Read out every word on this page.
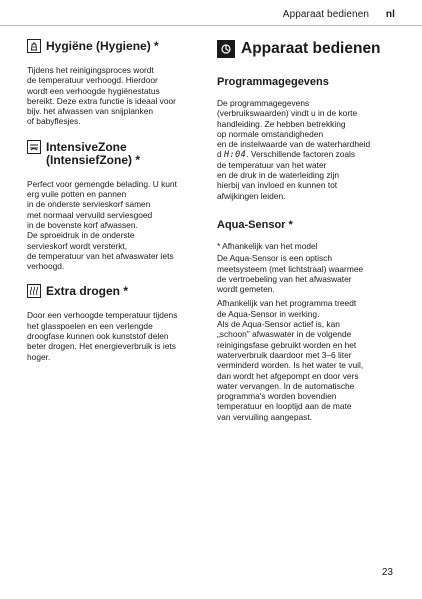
Apparaat bedienen nl
Hygiëne (Hygiene) *

Tijdens het reinigingsproces wordt
de temperatuur verhoogd. Hierdoor
wordt een verhoogde hygiënestatus
bereikt. Deze extra functie is ideaal voor
bijv. het afwassen van snijplanken
of babyflesjes.

IntensiveZone
(IntensiefZone) *

Perfect voor gemengde belading. U kunt
erg vuile potten en pannen
in de onderste servieskorf samen
met normaal vervuild serviesgoed
in de bovenste korf afwassen.
De sproeidruk in de onderste
servieskorf wordt versterkt,
de temperatuur van het afwaswater iets
verhoogd.

Extra drogen *

Door een verhoogde temperatuur tijdens
het glasspoelen en een verlengde
droogfase kunnen ook kunststof delen
beter drogen. Het energieverbruik is iets
hoger.

Apparaat bedienen

Programmagegevens

De programmagegevens
(verbruikswaarden) vindt u in de korte
handleiding. Ze hebben betrekking
op normale omstandigheden
en de instelwaarde van de waterhardheid
d H:04. Verschillende factoren zoals
de temperatuur van het water
en de druk in de waterleiding zijn
hierbij van invloed en kunnen tot
afwijkingen leiden.

Aqua-Sensor *

* Afhankelijk van het model

De Aqua-Sensor is een optisch
meetsysteem (met lichtstraal) waarmee
de vertroebeling van het afwaswater
wordt gemeten.

Afhankelijk van het programma treedt
de Aqua-Sensor in werking.
Als de Aqua-Sensor actief is, kan
„schoon" afwaswater in de volgende
reinigingsfase gebruikt worden en het
waterverbruik daardoor met 3–6 liter
verminderd worden. Is het water te vuil,
dan wordt het afgepompt en door vers
water vervangen. In de automatische
programma's worden bovendien
temperatuur en looptijd aan de mate
van vervuiling aangepast.

23
